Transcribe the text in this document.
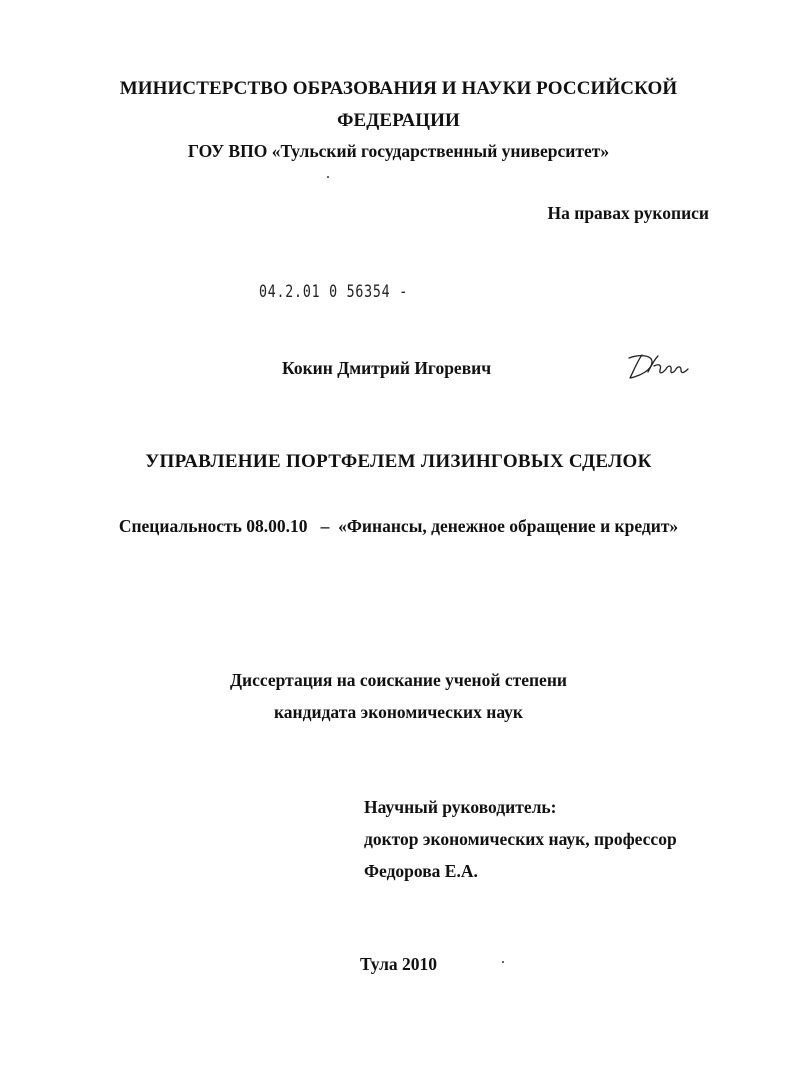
МИНИСТЕРСТВО ОБРАЗОВАНИЯ И НАУКИ РОССИЙСКОЙ
ФЕДЕРАЦИИ
ГОУ ВПО «Тульский государственный университет»
На правах рукописи
04.2.01 0 56354 -
Кокин Дмитрий Игоревич
УПРАВЛЕНИЕ ПОРТФЕЛЕМ ЛИЗИНГОВЫХ СДЕЛОК
Специальность 08.00.10   –  «Финансы, денежное обращение и кредит»
Диссертация на соискание ученой степени
кандидата экономических наук
Научный руководитель:
доктор экономических наук, профессор
Федорова Е.А.
Тула 2010
